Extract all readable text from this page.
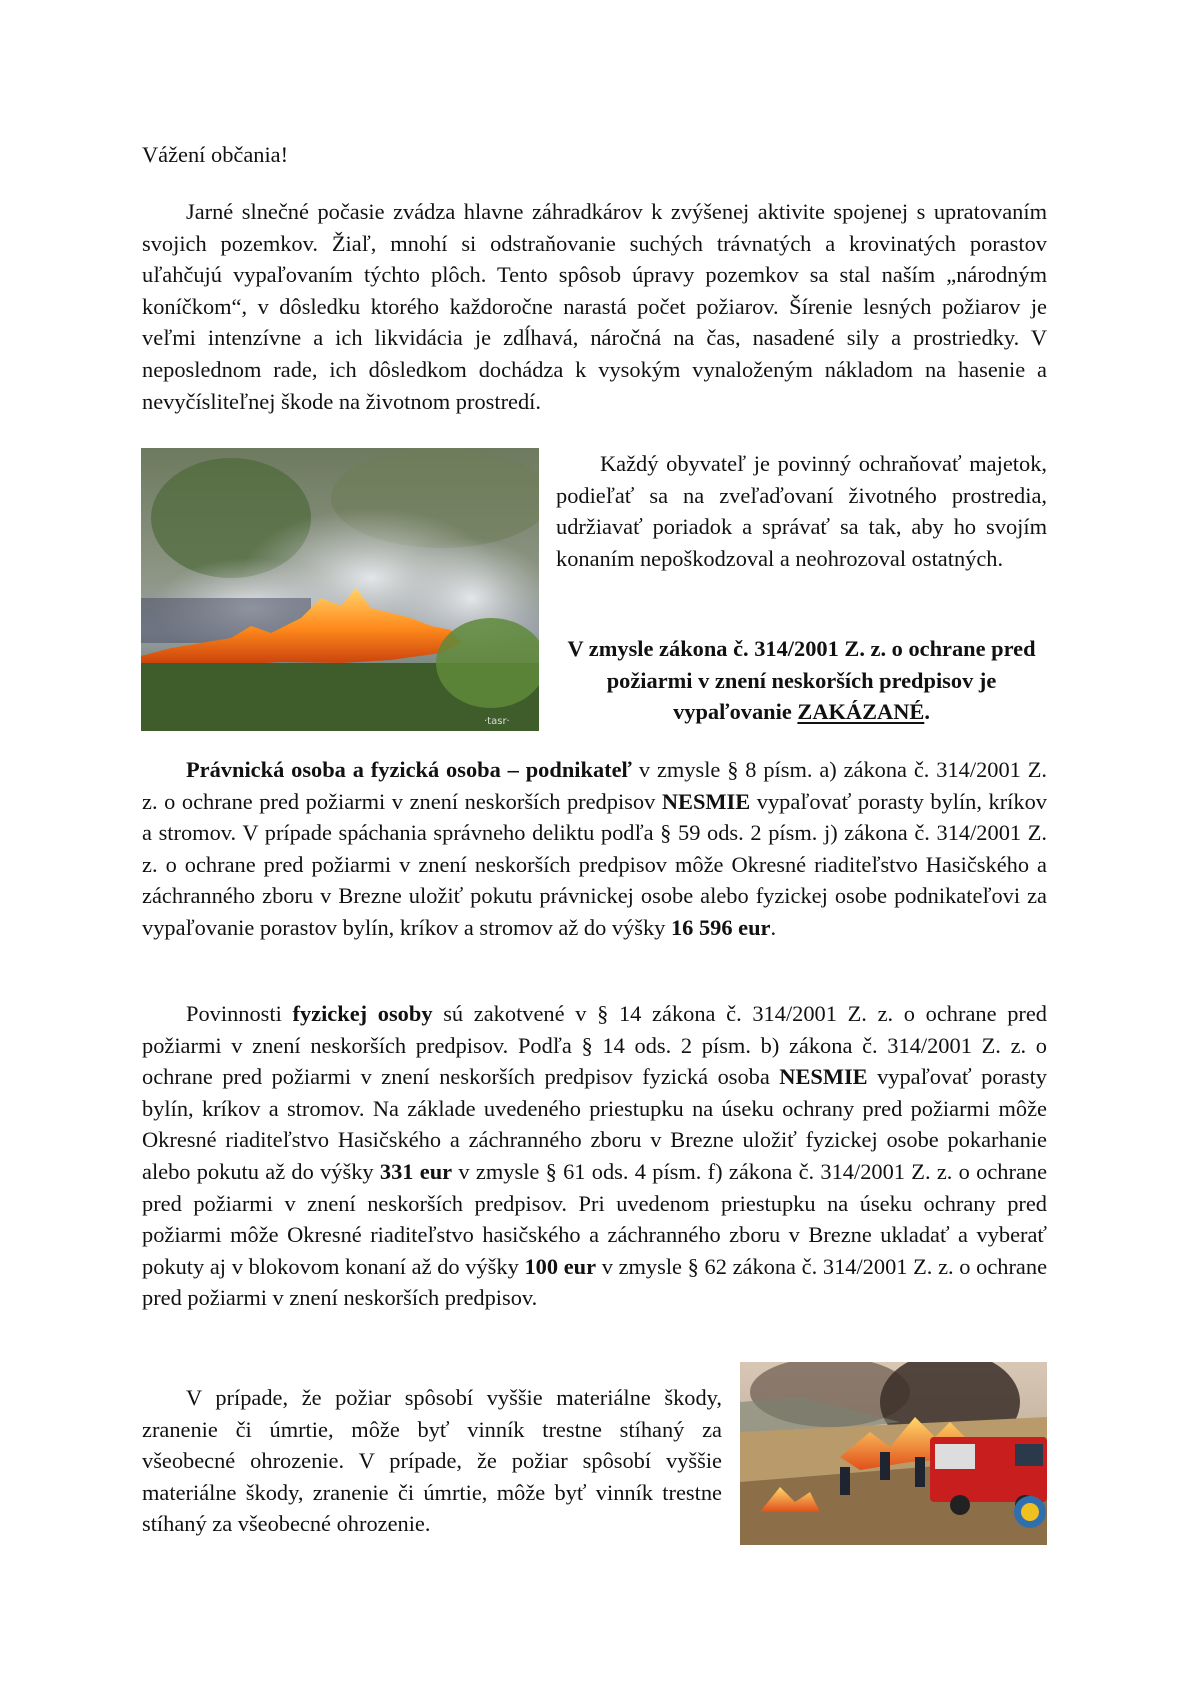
Vážení občania!

Jarné slnečné počasie zvádza hlavne záhradkárov k zvýšenej aktivite spojenej s upratovaním svojich pozemkov. Žiaľ, mnohí si odstraňovanie suchých trávnatých a krovinatých porastov uľahčujú vypaľovaním týchto plôch. Tento spôsob úpravy pozemkov sa stal naším „národným koníčkom“, v dôsledku ktorého každoročne narastá počet požiarov. Šírenie lesných požiarov je veľmi intenzívne a ich likvidácia je zdĺhavá, náročná na čas, nasadené sily a prostriedky. V neposlednom rade, ich dôsledkom dochádza k vysokým vynaloženým nákladom na hasenie a nevyčísliteľnej škode na životnom prostredí.

·tasr·

Každý obyvateľ je povinný ochraňovať majetok, podieľať sa na zveľaďovaní životného prostredia, udržiavať poriadok a správať sa tak, aby ho svojím konaním nepoškodzoval a neohrozoval ostatných.

V zmysle zákona č. 314/2001 Z. z. o ochrane pred požiarmi v znení neskorších predpisov je vypaľovanie ZAKÁZANÉ.

Právnická osoba a fyzická osoba – podnikateľ v zmysle § 8 písm. a) zákona č. 314/2001 Z. z. o ochrane pred požiarmi v znení neskorších predpisov NESMIE vypaľovať porasty bylín, kríkov a stromov. V prípade spáchania správneho deliktu podľa § 59 ods. 2 písm. j) zákona č. 314/2001 Z. z. o ochrane pred požiarmi v znení neskorších predpisov môže Okresné riaditeľstvo Hasičského a záchranného zboru v Brezne uložiť pokutu právnickej osobe alebo fyzickej osobe podnikateľovi za vypaľovanie porastov bylín, kríkov a stromov až do výšky 16 596 eur.

Povinnosti fyzickej osoby sú zakotvené v § 14 zákona č. 314/2001 Z. z. o ochrane pred požiarmi v znení neskorších predpisov. Podľa § 14 ods. 2 písm. b) zákona č. 314/2001 Z. z. o ochrane pred požiarmi v znení neskorších predpisov fyzická osoba NESMIE vypaľovať porasty bylín, kríkov a stromov. Na základe uvedeného priestupku na úseku ochrany pred požiarmi môže Okresné riaditeľstvo Hasičského a záchranného zboru v Brezne uložiť fyzickej osobe pokarhanie alebo pokutu až do výšky 331 eur v zmysle § 61 ods. 4 písm. f) zákona č. 314/2001 Z. z. o ochrane pred požiarmi v znení neskorších predpisov. Pri uvedenom priestupku na úseku ochrany pred požiarmi môže Okresné riaditeľstvo hasičského a záchranného zboru v Brezne ukladať a vyberať pokuty aj v blokovom konaní až do výšky 100 eur v zmysle § 62 zákona č. 314/2001 Z. z. o ochrane pred požiarmi v znení neskorších predpisov.

V prípade, že požiar spôsobí vyššie materiálne škody, zranenie či úmrtie, môže byť vinník trestne stíhaný za všeobecné ohrozenie. V prípade, že požiar spôsobí vyššie materiálne škody, zranenie či úmrtie, môže byť vinník trestne stíhaný za všeobecné ohrozenie.
